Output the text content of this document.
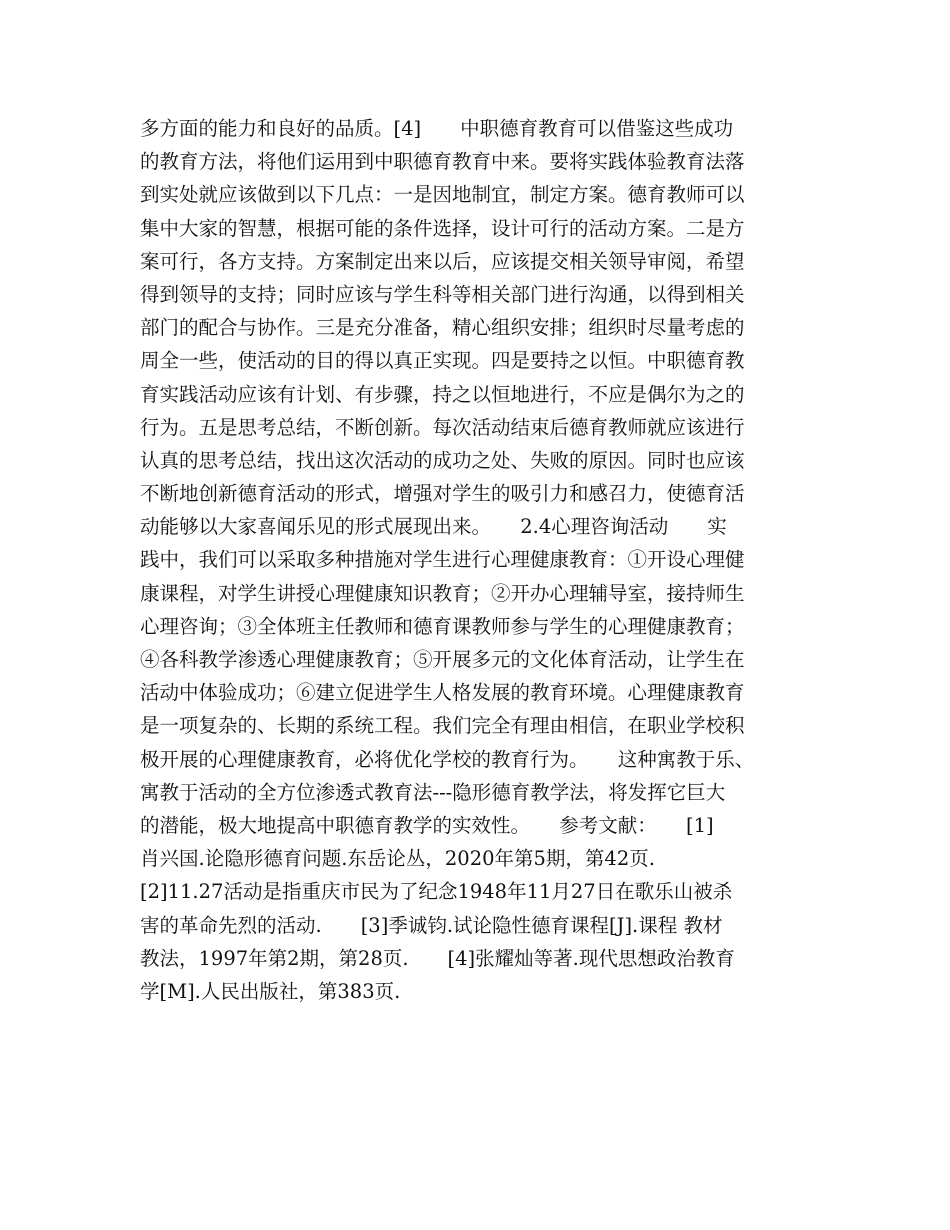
多方面的能力和良好的品质。[4]　　中职德育教育可以借鉴这些成功
的教育方法，将他们运用到中职德育教育中来。要将实践体验教育法落
到实处就应该做到以下几点：一是因地制宜，制定方案。德育教师可以
集中大家的智慧，根据可能的条件选择，设计可行的活动方案。二是方
案可行，各方支持。方案制定出来以后，应该提交相关领导审阅，希望
得到领导的支持；同时应该与学生科等相关部门进行沟通，以得到相关
部门的配合与协作。三是充分准备，精心组织安排；组织时尽量考虑的
周全一些，使活动的目的得以真正实现。四是要持之以恒。中职德育教
育实践活动应该有计划、有步骤，持之以恒地进行，不应是偶尔为之的
行为。五是思考总结，不断创新。每次活动结束后德育教师就应该进行
认真的思考总结，找出这次活动的成功之处、失败的原因。同时也应该
不断地创新德育活动的形式，增强对学生的吸引力和感召力，使德育活
动能够以大家喜闻乐见的形式展现出来。　　2.4心理咨询活动　　实
践中，我们可以采取多种措施对学生进行心理健康教育：①开设心理健
康课程，对学生讲授心理健康知识教育；②开办心理辅导室，接持师生
心理咨询；③全体班主任教师和德育课教师参与学生的心理健康教育；
④各科教学渗透心理健康教育；⑤开展多元的文化体育活动，让学生在
活动中体验成功；⑥建立促进学生人格发展的教育环境。心理健康教育
是一项复杂的、长期的系统工程。我们完全有理由相信，在职业学校积
极开展的心理健康教育，必将优化学校的教育行为。　　这种寓教于乐、
寓教于活动的全方位渗透式教育法---隐形德育教学法，将发挥它巨大
的潜能，极大地提高中职德育教学的实效性。　　参考文献：　　[1]
肖兴国.论隐形德育问题.东岳论丛，2020年第5期，第42页.
[2]11.27活动是指重庆市民为了纪念1948年11月27日在歌乐山被杀
害的革命先烈的活动.　　[3]季诚钧.试论隐性德育课程[J].课程 教材
教法，1997年第2期，第28页.　　[4]张耀灿等著.现代思想政治教育
学[M].人民出版社，第383页.
